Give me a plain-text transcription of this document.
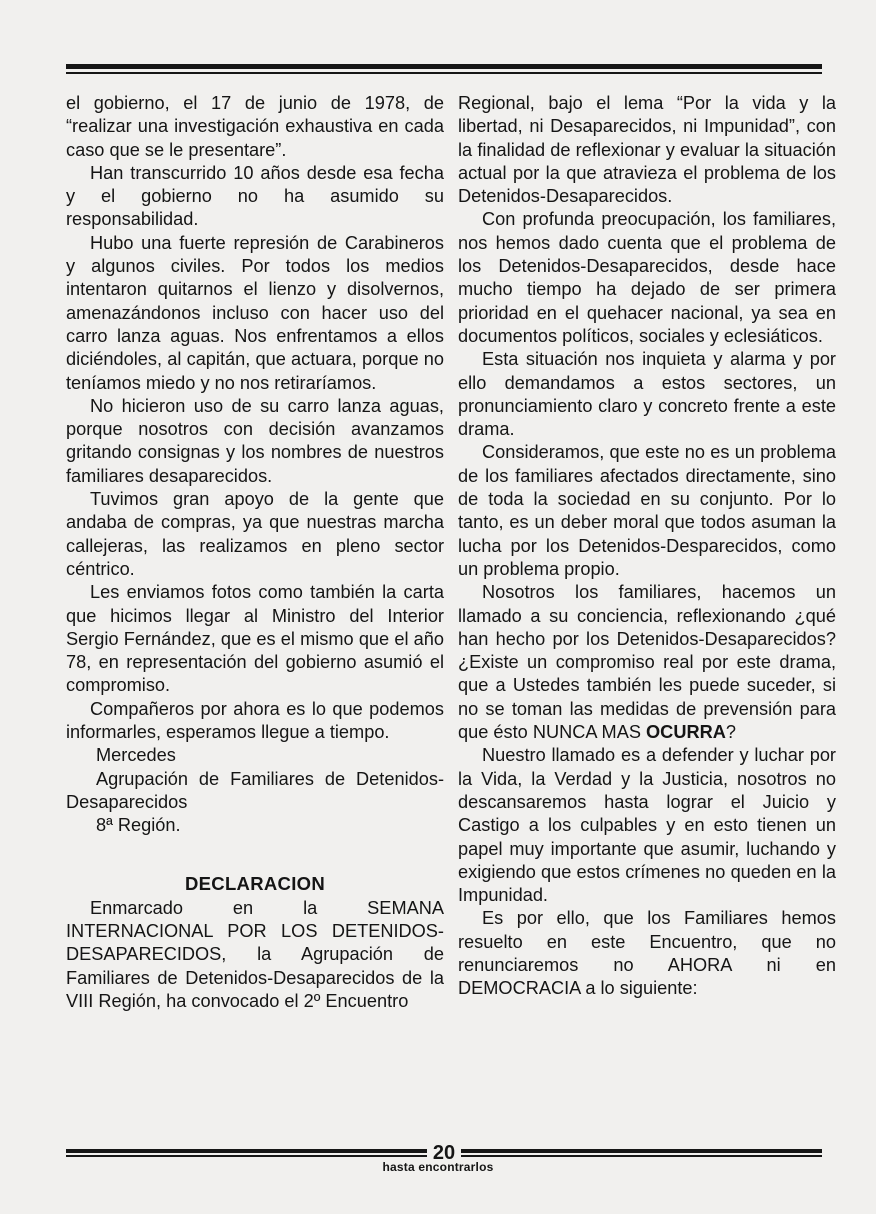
el gobierno, el 17 de junio de 1978, de “realizar una investigación exhaustiva en cada caso que se le presentare”.

Han transcurrido 10 años desde esa fecha y el gobierno no ha asumido su responsabilidad.

Hubo una fuerte represión de Carabineros y algunos civiles. Por todos los medios intentaron quitarnos el lienzo y disolvernos, amenazándonos incluso con hacer uso del carro lanza aguas. Nos enfrentamos a ellos diciéndoles, al capitán, que actuara, porque no teníamos miedo y no nos retiraríamos.

No hicieron uso de su carro lanza aguas, porque nosotros con decisión avanzamos gritando consignas y los nombres de nuestros familiares desaparecidos.

Tuvimos gran apoyo de la gente que andaba de compras, ya que nuestras marcha callejeras, las realizamos en pleno sector céntrico.

Les enviamos fotos como también la carta que hicimos llegar al Ministro del Interior Sergio Fernández, que es el mismo que el año 78, en representación del gobierno asumió el compromiso.

Compañeros por ahora es lo que podemos informarles, esperamos llegue a tiempo.

Mercedes

Agrupación de Familiares de Detenidos-Desaparecidos

8ª Región.

DECLARACION

Enmarcado en la SEMANA INTERNACIONAL POR LOS DETENIDOS-DESAPARECIDOS, la Agrupación de Familiares de Detenidos-Desaparecidos de la VIII Región, ha convocado el 2º Encuentro

Regional, bajo el lema “Por la vida y la libertad, ni Desaparecidos, ni Impunidad”, con la finalidad de reflexionar y evaluar la situación actual por la que atravieza el problema de los Detenidos-Desaparecidos.

Con profunda preocupación, los familiares, nos hemos dado cuenta que el problema de los Detenidos-Desaparecidos, desde hace mucho tiempo ha dejado de ser primera prioridad en el quehacer nacional, ya sea en documentos políticos, sociales y eclesiáticos.

Esta situación nos inquieta y alarma y por ello demandamos a estos sectores, un pronunciamiento claro y concreto frente a este drama.

Consideramos, que este no es un problema de los familiares afectados directamente, sino de toda la sociedad en su conjunto. Por lo tanto, es un deber moral que todos asuman la lucha por los Detenidos-Desparecidos, como un problema propio.

Nosotros los familiares, hacemos un llamado a su conciencia, reflexionando ¿qué han hecho por los Detenidos-Desaparecidos? ¿Existe un compromiso real por este drama, que a Ustedes también les puede suceder, si no se toman las medidas de prevensión para que ésto NUNCA MAS OCURRA?

Nuestro llamado es a defender y luchar por la Vida, la Verdad y la Justicia, nosotros no descansaremos hasta lograr el Juicio y Castigo a los culpables y en esto tienen un papel muy importante que asumir, luchando y exigiendo que estos crímenes no queden en la Impunidad.

Es por ello, que los Familiares hemos resuelto en este Encuentro, que no renunciaremos no AHORA ni en DEMOCRACIA a lo siguiente:

20
hasta encontrarlos
